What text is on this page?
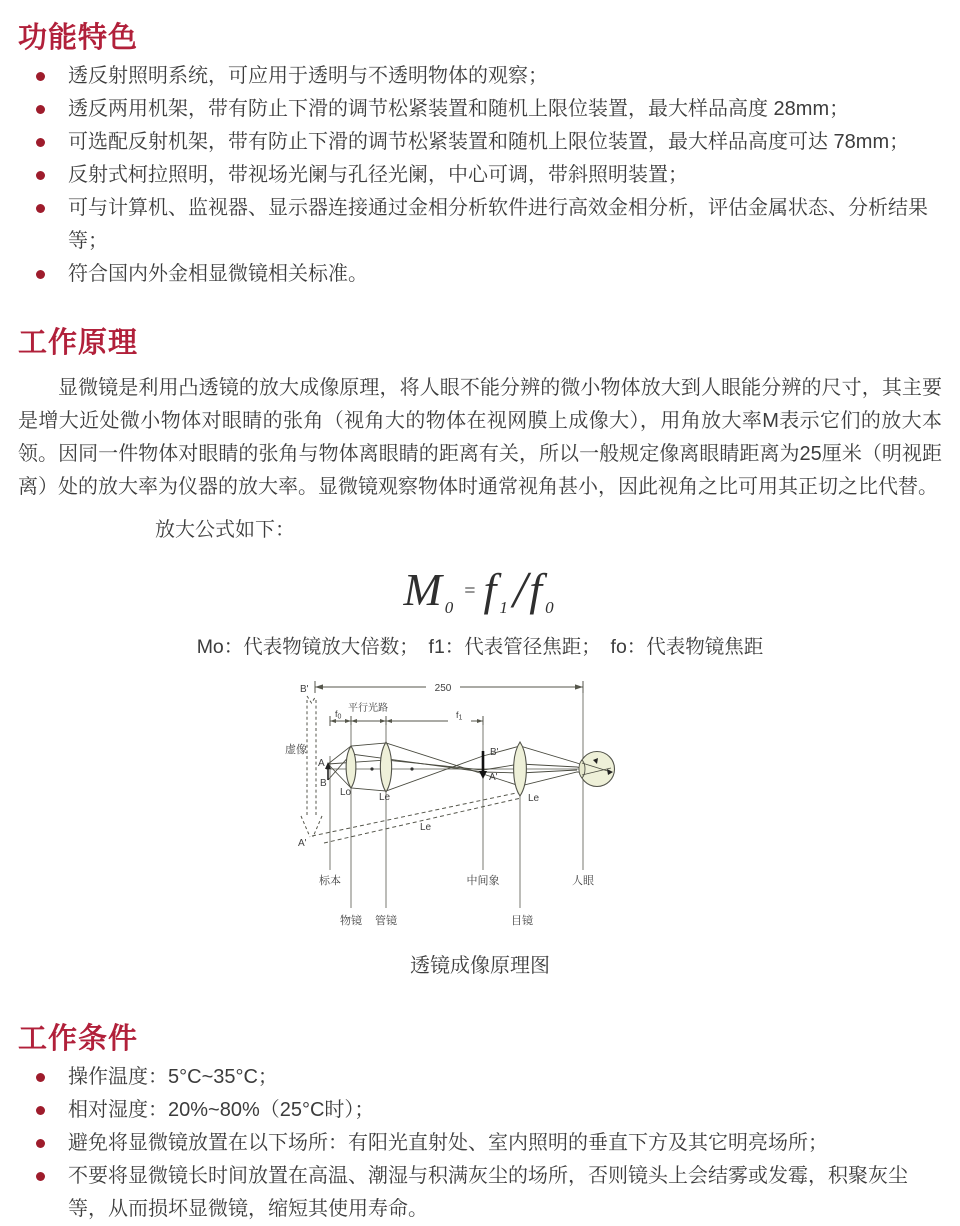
功能特色
透反射照明系统，可应用于透明与不透明物体的观察；
透反两用机架，带有防止下滑的调节松紧装置和随机上限位装置，最大样品高度 28mm；
可选配反射机架，带有防止下滑的调节松紧装置和随机上限位装置，最大样品高度可达 78mm；
反射式柯拉照明，带视场光阑与孔径光阑，中心可调，带斜照明装置；
可与计算机、监视器、显示器连接通过金相分析软件进行高效金相分析，评估金属状态、分析结果等；
符合国内外金相显微镜相关标准。
工作原理

显微镜是利用凸透镜的放大成像原理，将人眼不能分辨的微小物体放大到人眼能分辨的尺寸，其主要是增大近处微小物体对眼睛的张角（视角大的物体在视网膜上成像大），用角放大率M表示它们的放大本领。因同一件物体对眼睛的张角与物体离眼睛的距离有关，所以一般规定像离眼睛距离为25厘米（明视距离）处的放大率为仪器的放大率。显微镜观察物体时通常视角甚小，因此视角之比可用其正切之比代替。

放大公式如下：

M 0
= f 1 / f 0
Mo：代表物镜放大倍数；　f1：代表管径焦距；　fo：代表物镜焦距
250
B'
虚像
A'
f0
平行光路
f1
Le
A
B
Lo	Le	Le
B'
A'
标本	中间象	人眼
物镜 管镜	目镜
透镜成像原理图
工作条件
操作温度：5°C~35°C；
相对湿度：20%~80%（25°C时）；
避免将显微镜放置在以下场所：有阳光直射处、室内照明的垂直下方及其它明亮场所；
不要将显微镜长时间放置在高温、潮湿与积满灰尘的场所，否则镜头上会结雾或发霉，积聚灰尘等，从而损坏显微镜，缩短其使用寿命。
